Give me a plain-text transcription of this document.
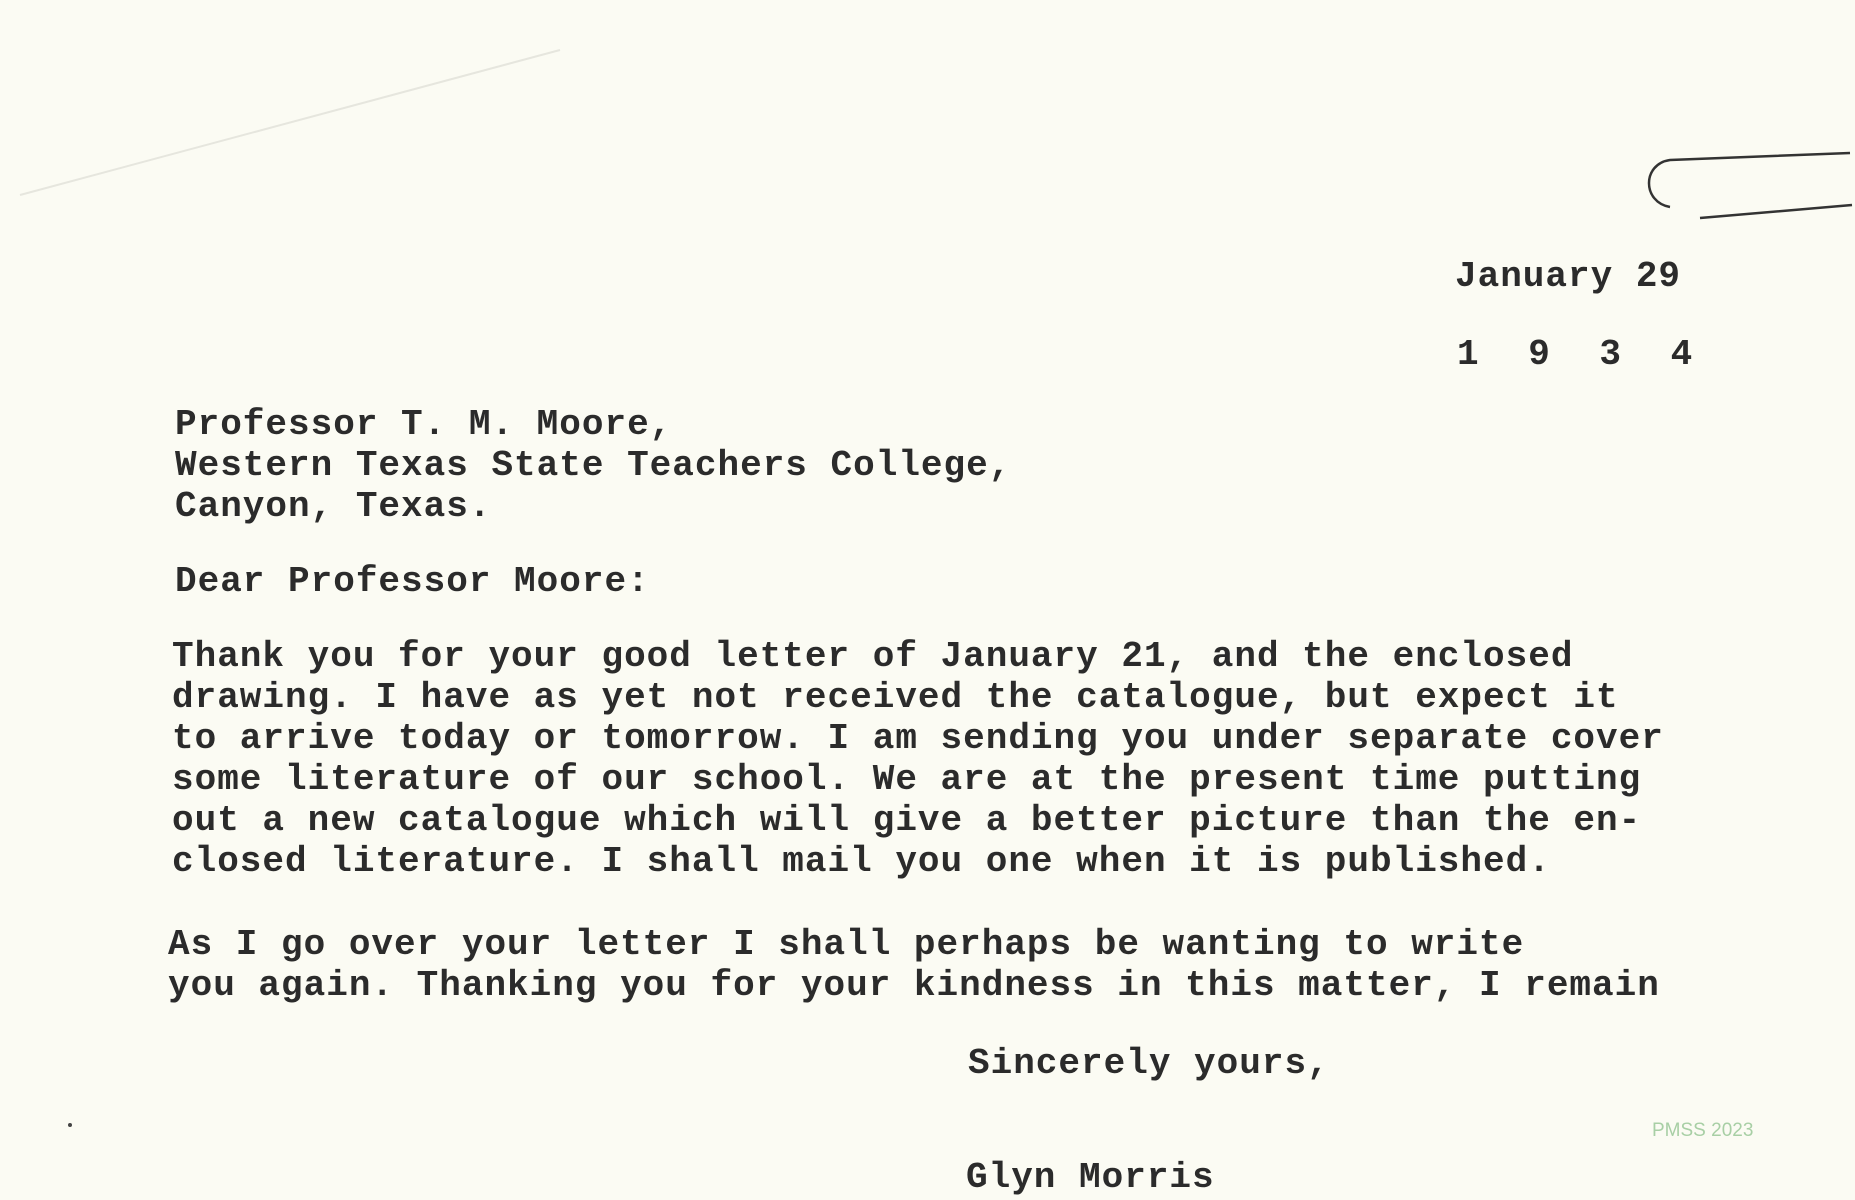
January 29

1 9 3 4

Professor T. M. Moore,
Western Texas State Teachers College,
Canyon, Texas.

Dear Professor Moore:

Thank you for your good letter of January 21, and the enclosed
drawing. I have as yet not received the catalogue, but expect it
to arrive today or tomorrow. I am sending you under separate cover
some literature of our school. We are at the present time putting
out a new catalogue which will give a better picture than the en-
closed literature. I shall mail you one when it is published.

As I go over your letter I shall perhaps be wanting to write
you again. Thanking you for your kindness in this matter, I remain

Sincerely yours,

Glyn Morris

PMSS 2023
